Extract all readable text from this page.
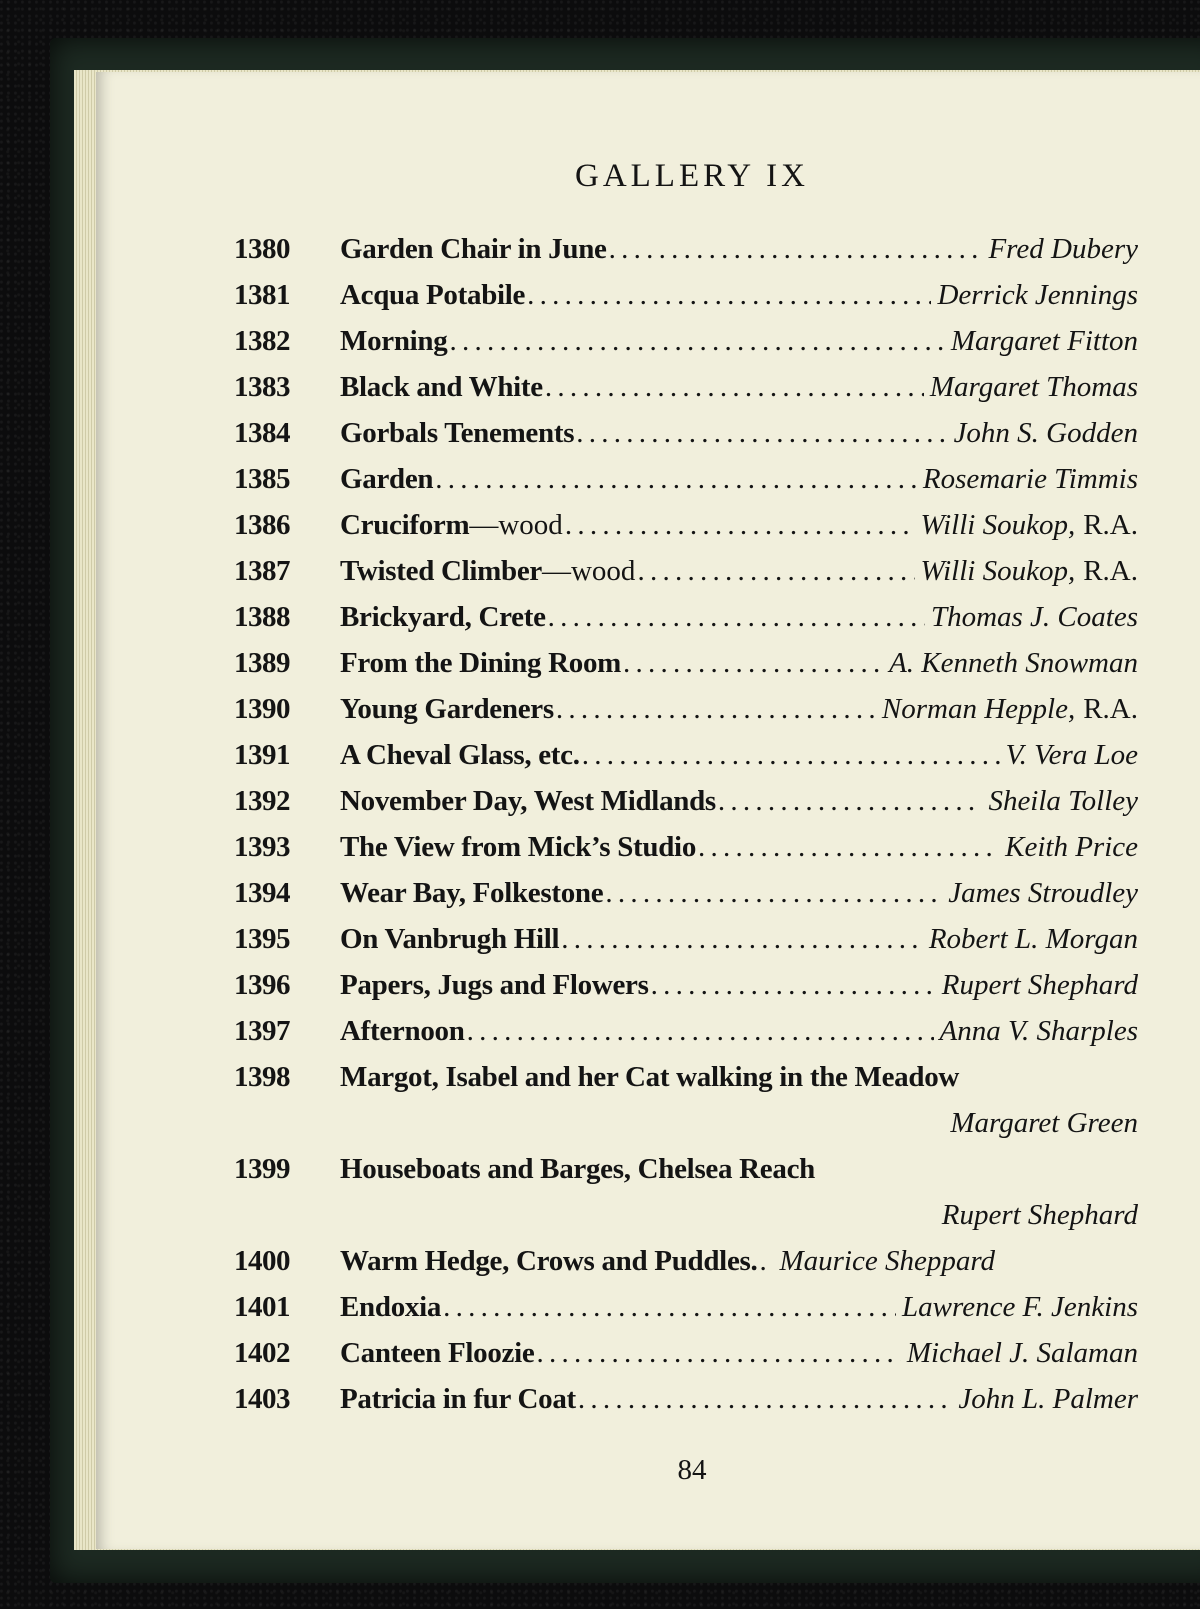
GALLERY IX
1380	Garden Chair in June . . .	Fred Dubery
1381	Acqua Potabile . . .	Derrick Jennings
1382	Morning . . .	Margaret Fitton
1383	Black and White . . .	Margaret Thomas
1384	Gorbals Tenements . . .	John S. Godden
1385	Garden . . .	Rosemarie Timmis
1386	Cruciform —wood . . .	Willi Soukop, R.A.
1387	Twisted Climber —wood . . .	Willi Soukop, R.A.
1388	Brickyard, Crete . . .	Thomas J. Coates
1389	From the Dining Room . . .	A. Kenneth Snowman
1390	Young Gardeners . . .	Norman Hepple, R.A.
1391	A Cheval Glass, etc. . . .	V. Vera Loe
1392	November Day, West Midlands . . .	Sheila Tolley
1393	The View from Mick’s Studio . . .	Keith Price
1394	Wear Bay, Folkestone . . .	James Stroudley
1395	On Vanbrugh Hill . . .	Robert L. Morgan
1396	Papers, Jugs and Flowers . . .	Rupert Shephard
1397	Afternoon . . .	Anna V. Sharples
1398	Margot, Isabel and her Cat walking in the Meadow
Margaret Green
1399	Houseboats and Barges, Chelsea Reach
Rupert Shephard
1400	Warm Hedge, Crows and Puddles. . . . Maurice Sheppard
1401	Endoxia . . .	Lawrence F. Jenkins
1402	Canteen Floozie . . .	Michael J. Salaman
1403	Patricia in fur Coat . . .	John L. Palmer
84
